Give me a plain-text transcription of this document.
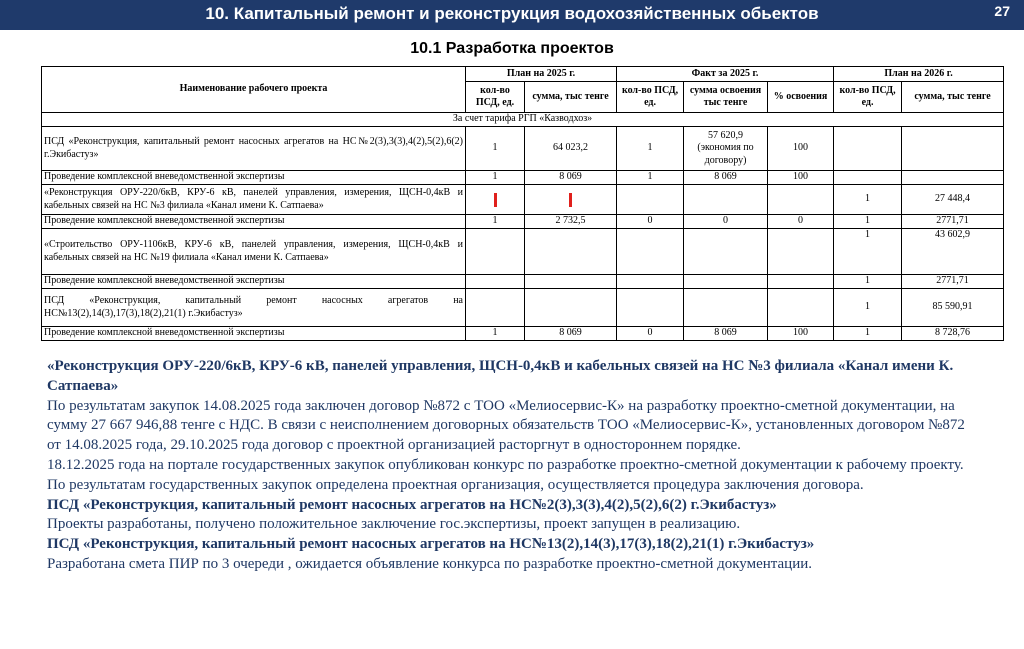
10. Капитальный ремонт и реконструкция водохозяйственных обьектов	27
10.1 Разработка проектов
Наименование рабочего проекта	План на 2025 г.		Факт за 2025 г.			План на 2026 г.	
	кол-во ПСД, ед.	сумма, тыс тенге	кол-во ПСД, ед.	сумма освоения тыс тенге	% освоения	кол-во ПСД, ед.	сумма, тыс тенге
За счет тарифа РГП «Казводхоз»							
ПСД «Реконструкция, капитальный ремонт насосных агрегатов на НС№2(3),3(3),4(2),5(2),6(2) г.Экибастуз»	1	64 023,2	1	57 620,9 (экономия по договору)	100		
Проведение комплексной вневедомственной экспертизы	1	8 069	1	8 069	100		
«Реконструкция ОРУ-220/6кВ, КРУ-6 кВ, панелей управления, измерения, ЩСН-0,4кВ и кабельных связей на НС №3 филиала «Канал имени К. Сатпаева»						1	27 448,4
Проведение комплексной вневедомственной экспертизы	1	2 732,5	0	0	0	1	2771,71
«Строительство ОРУ-1106кВ, КРУ-6 кВ, панелей управления, измерения, ЩСН-0,4кВ и кабельных связей на НС №19 филиала «Канал имени К. Сатпаева»						1	43 602,9
Проведение комплексной вневедомственной экспертизы						1	2771,71
ПСД «Реконструкция, капитальный ремонт насосных агрегатов на НС№13(2),14(3),17(3),18(2),21(1) г.Экибастуз»						1	85 590,91
Проведение комплексной вневедомственной экспертизы	1	8 069	0	8 069	100	1	8 728,76

«Реконструкция ОРУ-220/6кВ, КРУ-6 кВ, панелей управления, ЩСН-0,4кВ и кабельных связей на НС №3 филиала «Канал имени К. Сатпаева»

По результатам закупок 14.08.2025 года заключен договор №872 с ТОО «Мелиосервис-К» на разработку проектно-сметной документации, на сумму 27 667 946,88 тенге с НДС. В связи с неисполнением договорных обязательств ТОО «Мелиосервис-К», установленных договором №872 от 14.08.2025 года, 29.10.2025 года договор с проектной организацией расторгнут в одностороннем порядке.

18.12.2025 года на портале государственных закупок опубликован конкурс по разработке проектно-сметной документации к рабочему проекту.

По результатам государственных закупок определена проектная организация, осуществляется процедура заключения договора.

ПСД «Реконструкция, капитальный ремонт насосных агрегатов на НС№2(3),3(3),4(2),5(2),6(2) г.Экибастуз»

Проекты разработаны, получено положительное заключение гос.экспертизы, проект запущен в реализацию.

ПСД «Реконструкция, капитальный ремонт насосных агрегатов на НС№13(2),14(3),17(3),18(2),21(1) г.Экибастуз»

Разработана смета ПИР по 3 очереди , ожидается объявление конкурса по разработке проектно-сметной документации.
